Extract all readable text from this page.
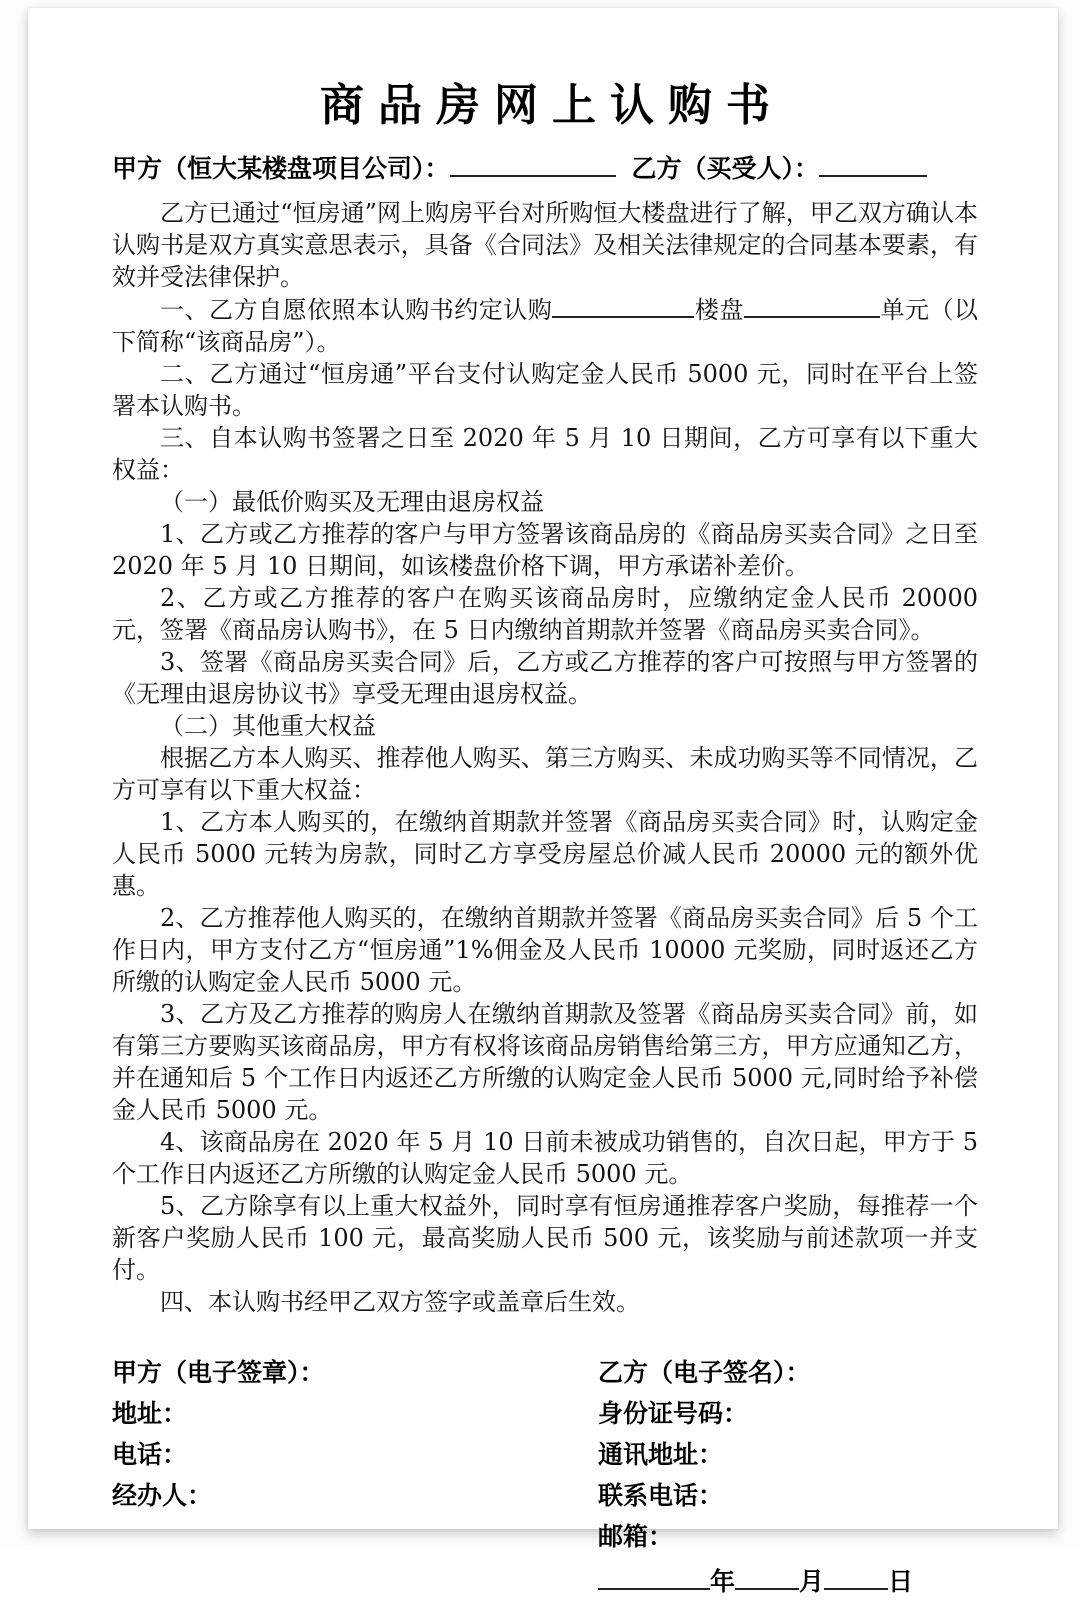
商品房网上认购书
甲方（恒大某楼盘项目公司）：	乙方（买受人）：

乙方已通过“恒房通”网上购房平台对所购恒大楼盘进行了解，甲乙双方确认本认购书是双方真实意思表示，具备《合同法》及相关法律规定的合同基本要素，有效并受法律保护。

一、乙方自愿依照本认购书约定认购	楼盘	单元（以下简称“该商品房”）。

二、乙方通过“恒房通”平台支付认购定金人民币 5000 元，同时在平台上签署本认购书。

三、自本认购书签署之日至 2020 年 5 月 10 日期间，乙方可享有以下重大权益：

（一）最低价购买及无理由退房权益

1、乙方或乙方推荐的客户与甲方签署该商品房的《商品房买卖合同》之日至 2020 年 5 月 10 日期间，如该楼盘价格下调，甲方承诺补差价。

2、乙方或乙方推荐的客户在购买该商品房时，应缴纳定金人民币 20000 元，签署《商品房认购书》，在 5 日内缴纳首期款并签署《商品房买卖合同》。

3、签署《商品房买卖合同》后，乙方或乙方推荐的客户可按照与甲方签署的《无理由退房协议书》享受无理由退房权益。

（二）其他重大权益

根据乙方本人购买、推荐他人购买、第三方购买、未成功购买等不同情况，乙方可享有以下重大权益：

1、乙方本人购买的，在缴纳首期款并签署《商品房买卖合同》时，认购定金人民币 5000 元转为房款，同时乙方享受房屋总价减人民币 20000 元的额外优惠。

2、乙方推荐他人购买的，在缴纳首期款并签署《商品房买卖合同》后 5 个工作日内，甲方支付乙方“恒房通”1%佣金及人民币 10000 元奖励，同时返还乙方所缴的认购定金人民币 5000 元。

3、乙方及乙方推荐的购房人在缴纳首期款及签署《商品房买卖合同》前，如有第三方要购买该商品房，甲方有权将该商品房销售给第三方，甲方应通知乙方，并在通知后 5 个工作日内返还乙方所缴的认购定金人民币 5000 元,同时给予补偿金人民币 5000 元。

4、该商品房在 2020 年 5 月 10 日前未被成功销售的，自次日起，甲方于 5 个工作日内返还乙方所缴的认购定金人民币 5000 元。

5、乙方除享有以上重大权益外，同时享有恒房通推荐客户奖励，每推荐一个新客户奖励人民币 100 元，最高奖励人民币 500 元，该奖励与前述款项一并支付。

四、本认购书经甲乙双方签字或盖章后生效。

甲方（电子签章）：
地址：
电话：
经办人：
乙方（电子签名）：
身份证号码：
通讯地址：
联系电话：
邮箱：
年	月	日
